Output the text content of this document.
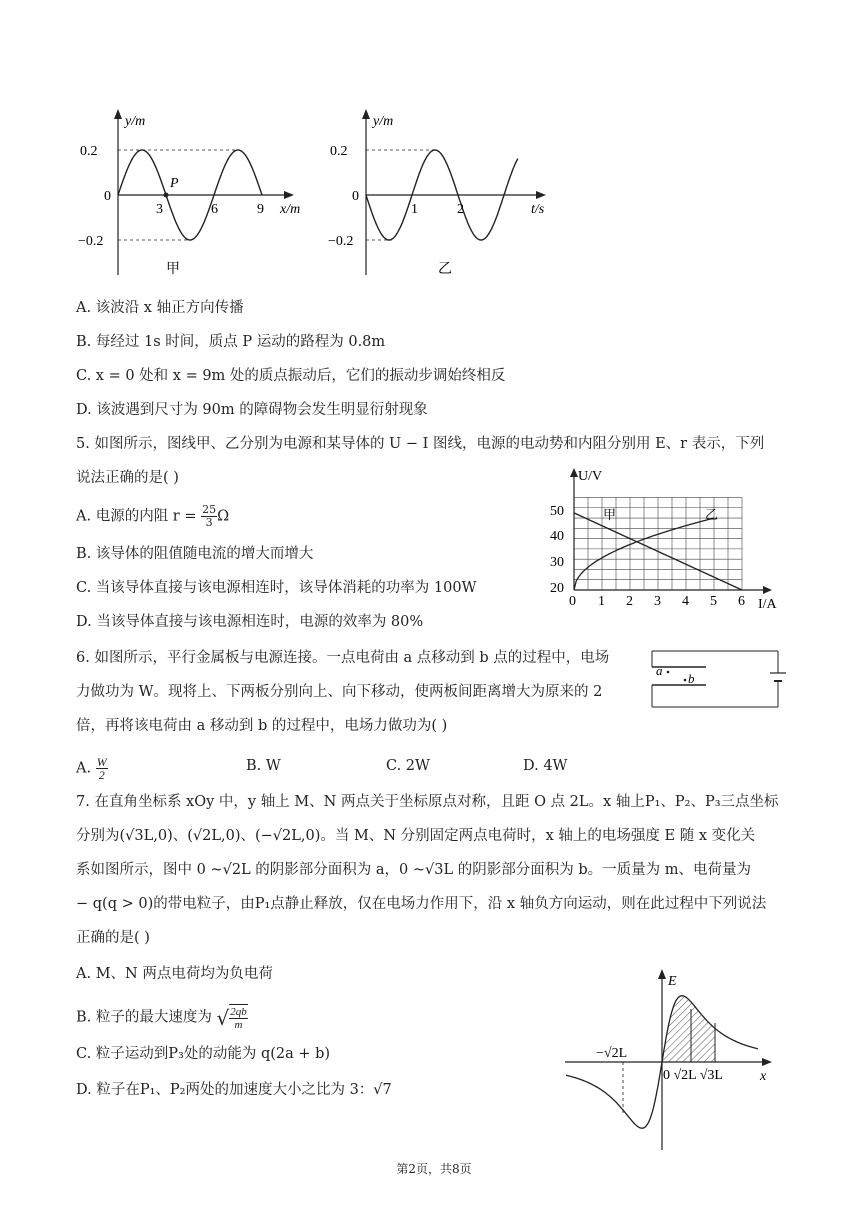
y/m
0.2
0
−0.2
3	6	9 x/m
P
甲
y/m
0.2
0
−0.2
1	2	t/s
乙
A. 该波沿 x 轴正方向传播
B. 每经过 1s 时间，质点 P 运动的路程为 0.8m
C. x = 0 处和 x = 9m 处的质点振动后，它们的振动步调始终相反
D. 该波遇到尺寸为 90m 的障碍物会发生明显衍射现象
5. 如图所示，图线甲、乙分别为电源和某导体的 U − I 图线，电源的电动势和内阻分别用 E、r 表示，下列
说法正确的是( )
A. 电源的内阻 $r = \frac{25}{3}$ Ω
B. 该导体的阻值随电流的增大而增大
C. 当该导体直接与该电源相连时，该导体消耗的功率为 100W
D. 当该导体直接与该电源相连时，电源的效率为 80%
U/V
I/A
50
40
30
20
0 1 2 3 4 5 6
甲	乙
6. 如图所示，平行金属板与电源连接。一点电荷由 a 点移动到 b 点的过程中，电场
力做功为 W。现将上、下两板分别向上、向下移动，使两板间距离增大为原来的 2
倍，再将该电荷由 a 移动到 b 的过程中，电场力做功为( )
a
b
A. $\frac{W}{2}$	B. W	C. 2W	D. 4W
7. 在直角坐标系 xOy 中，y 轴上 M、N 两点关于坐标原点对称，且距 O 点 2L。x 轴上P₁、P₂、P₃三点坐标
分别为(√3L,0)、(√2L,0)、(−√2L,0)。当 M、N 分别固定两点电荷时，x 轴上的电场强度 E 随 x 变化关
系如图所示，图中 0 ~√2L 的阴影部分面积为 a，0 ~√3L 的阴影部分面积为 b。一质量为 m、电荷量为
− q(q > 0)的带电粒子，由P₁点静止释放，仅在电场力作用下，沿 x 轴负方向运动，则在此过程中下列说法
正确的是( )
A. M、N 两点电荷均为负电荷
B. 粒子的最大速度为 √ $\frac{2qb}{m}$
C. 粒子运动到P₃处的动能为 q(2a + b)
D. 粒子在P₁、P₂两处的加速度大小之比为 3：√7
E
x
−√2L
0 √2L √3L
第2页，共8页
